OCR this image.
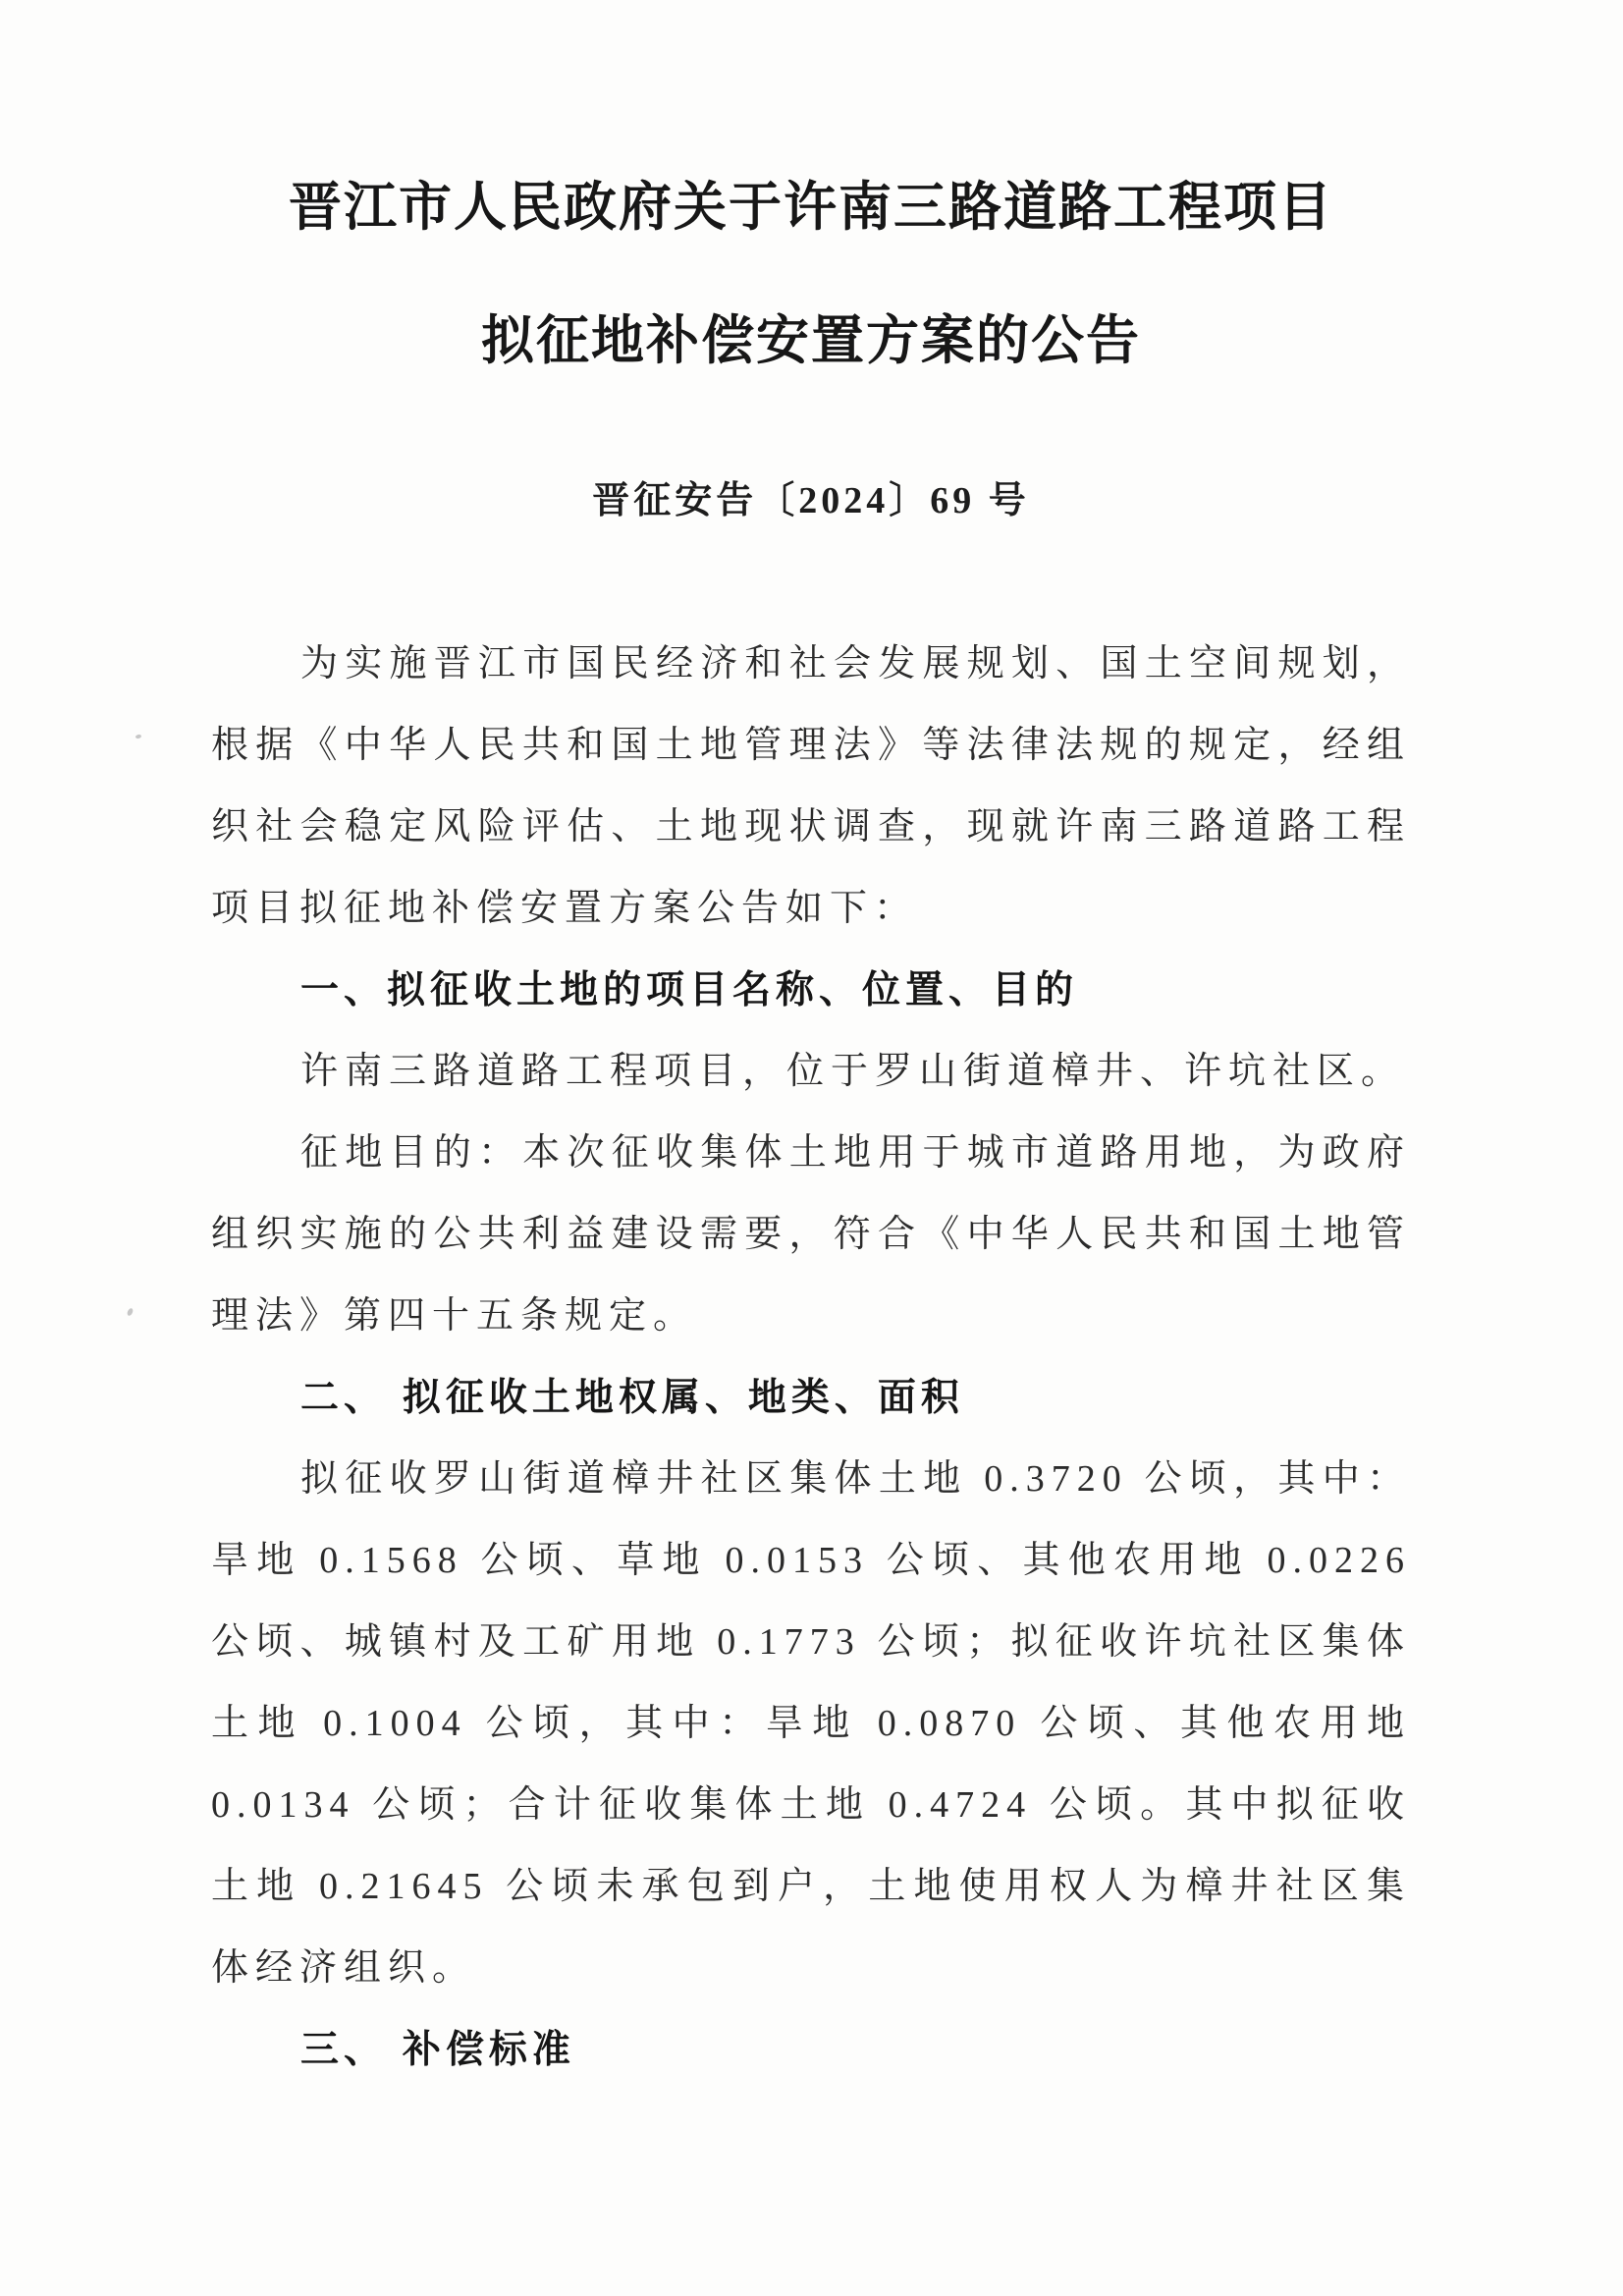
晋江市人民政府关于许南三路道路工程项目
拟征地补偿安置方案的公告
晋征安告〔2024〕69 号

为实施晋江市国民经济和社会发展规划、国土空间规划，根据《中华人民共和国土地管理法》等法律法规的规定，经组织社会稳定风险评估、土地现状调查，现就许南三路道路工程项目拟征地补偿安置方案公告如下：

一、拟征收土地的项目名称、位置、目的

许南三路道路工程项目，位于罗山街道樟井、许坑社区。

征地目的：本次征收集体土地用于城市道路用地，为政府组织实施的公共利益建设需要，符合《中华人民共和国土地管理法》第四十五条规定。

二、 拟征收土地权属、地类、面积

拟征收罗山街道樟井社区集体土地 0.3720 公顷，其中：旱地 0.1568 公顷、草地 0.0153 公顷、其他农用地 0.0226 公顷、城镇村及工矿用地 0.1773 公顷；拟征收许坑社区集体土地 0.1004 公顷，其中：旱地 0.0870 公顷、其他农用地 0.0134 公顷；合计征收集体土地 0.4724 公顷。其中拟征收土地 0.21645 公顷未承包到户，土地使用权人为樟井社区集体经济组织。

三、 补偿标准
